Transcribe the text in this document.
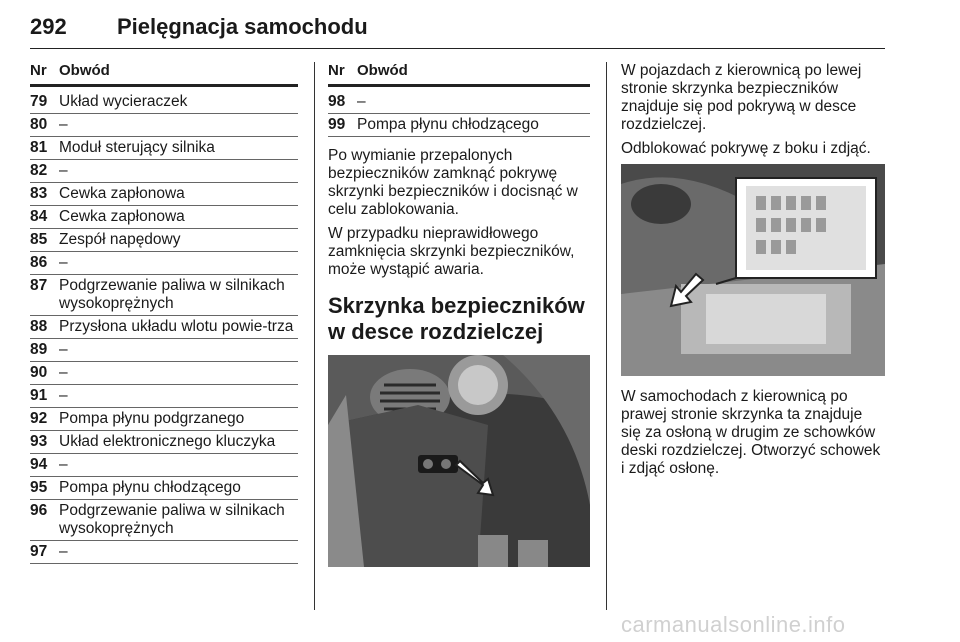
292 Pielęgnacja samochodu
Nr Obwód
79 Układ wycieraczek
80 –
81 Moduł sterujący silnika
82 –
83 Cewka zapłonowa
84 Cewka zapłonowa
85 Zespół napędowy
86 –
87 Podgrzewanie paliwa w silnikach wysokoprężnych
88 Przysłona układu wlotu powie-trza
89 –
90 –
91 –
92 Pompa płynu podgrzanego
93 Układ elektronicznego kluczyka
94 –
95 Pompa płynu chłodzącego
96 Podgrzewanie paliwa w silnikach wysokoprężnych
97 –
Nr Obwód
98 –
99 Pompa płynu chłodzącego

Po wymianie przepalonych bezpieczników zamknąć pokrywę skrzynki bezpieczników i docisnąć w celu zablokowania.

W przypadku nieprawidłowego zamknięcia skrzynki bezpieczników, może wystąpić awaria.

Skrzynka bezpieczników w desce rozdzielczej

W pojazdach z kierownicą po lewej stronie skrzynka bezpieczników znajduje się pod pokrywą w desce rozdzielczej.

Odblokować pokrywę z boku i zdjąć.

W samochodach z kierownicą po prawej stronie skrzynka ta znajduje się za osłoną w drugim ze schowków deski rozdzielczej. Otworzyć schowek i zdjąć osłonę.

carmanualsonline.info
